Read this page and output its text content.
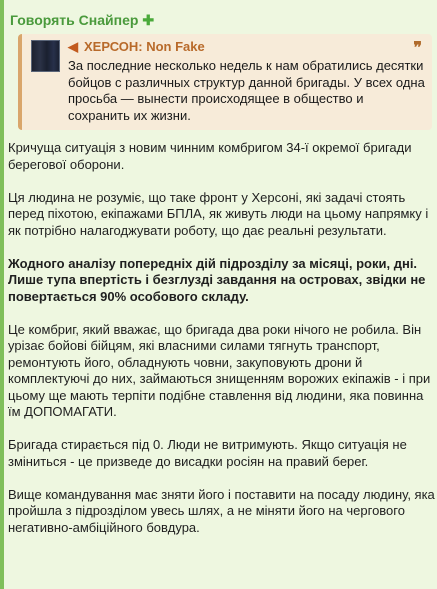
Говорять Снайпер ✚
◀ ХЕРСОН: Non Fake	❞
За последние несколько недель к нам обратились десятки бойцов с различных структур данной бригады. У всех одна просьба — вынести происходящее в общество и сохранить их жизни.

Кричуща ситуація з новим чинним комбригом 34-ї окремої бригади берегової оборони.

Ця людина не розуміє, що таке фронт у Херсоні, які задачі стоять перед піхотою, екіпажами БПЛА, як живуть люди на цьому напрямку і як потрібно налагоджувати роботу, що дає реальні результати.

Жодного аналізу попередніх дій підрозділу за місяці, роки, дні. Лише тупа впертість і безглузді завдання на островах, звідки не повертається 90% особового складу.

Це комбриг, який вважає, що бригада два роки нічого не робила. Він урізає бойові бійцям, які власними силами тягнуть транспорт, ремонтують його, обладнують човни, закуповують дрони й комплектуючі до них, займаються знищенням ворожих екіпажів - і при цьому ще мають терпіти подібне ставлення від людини, яка повинна їм ДОПОМАГАТИ.

Бригада стирається під 0. Люди не витримують. Якщо ситуація не зміниться - це призведе до висадки росіян на правий берег.

Вище командування має зняти його і поставити на посаду людину, яка пройшла з підрозділом увесь шлях, а не міняти його на чергового негативно-амбіційного бовдура.
